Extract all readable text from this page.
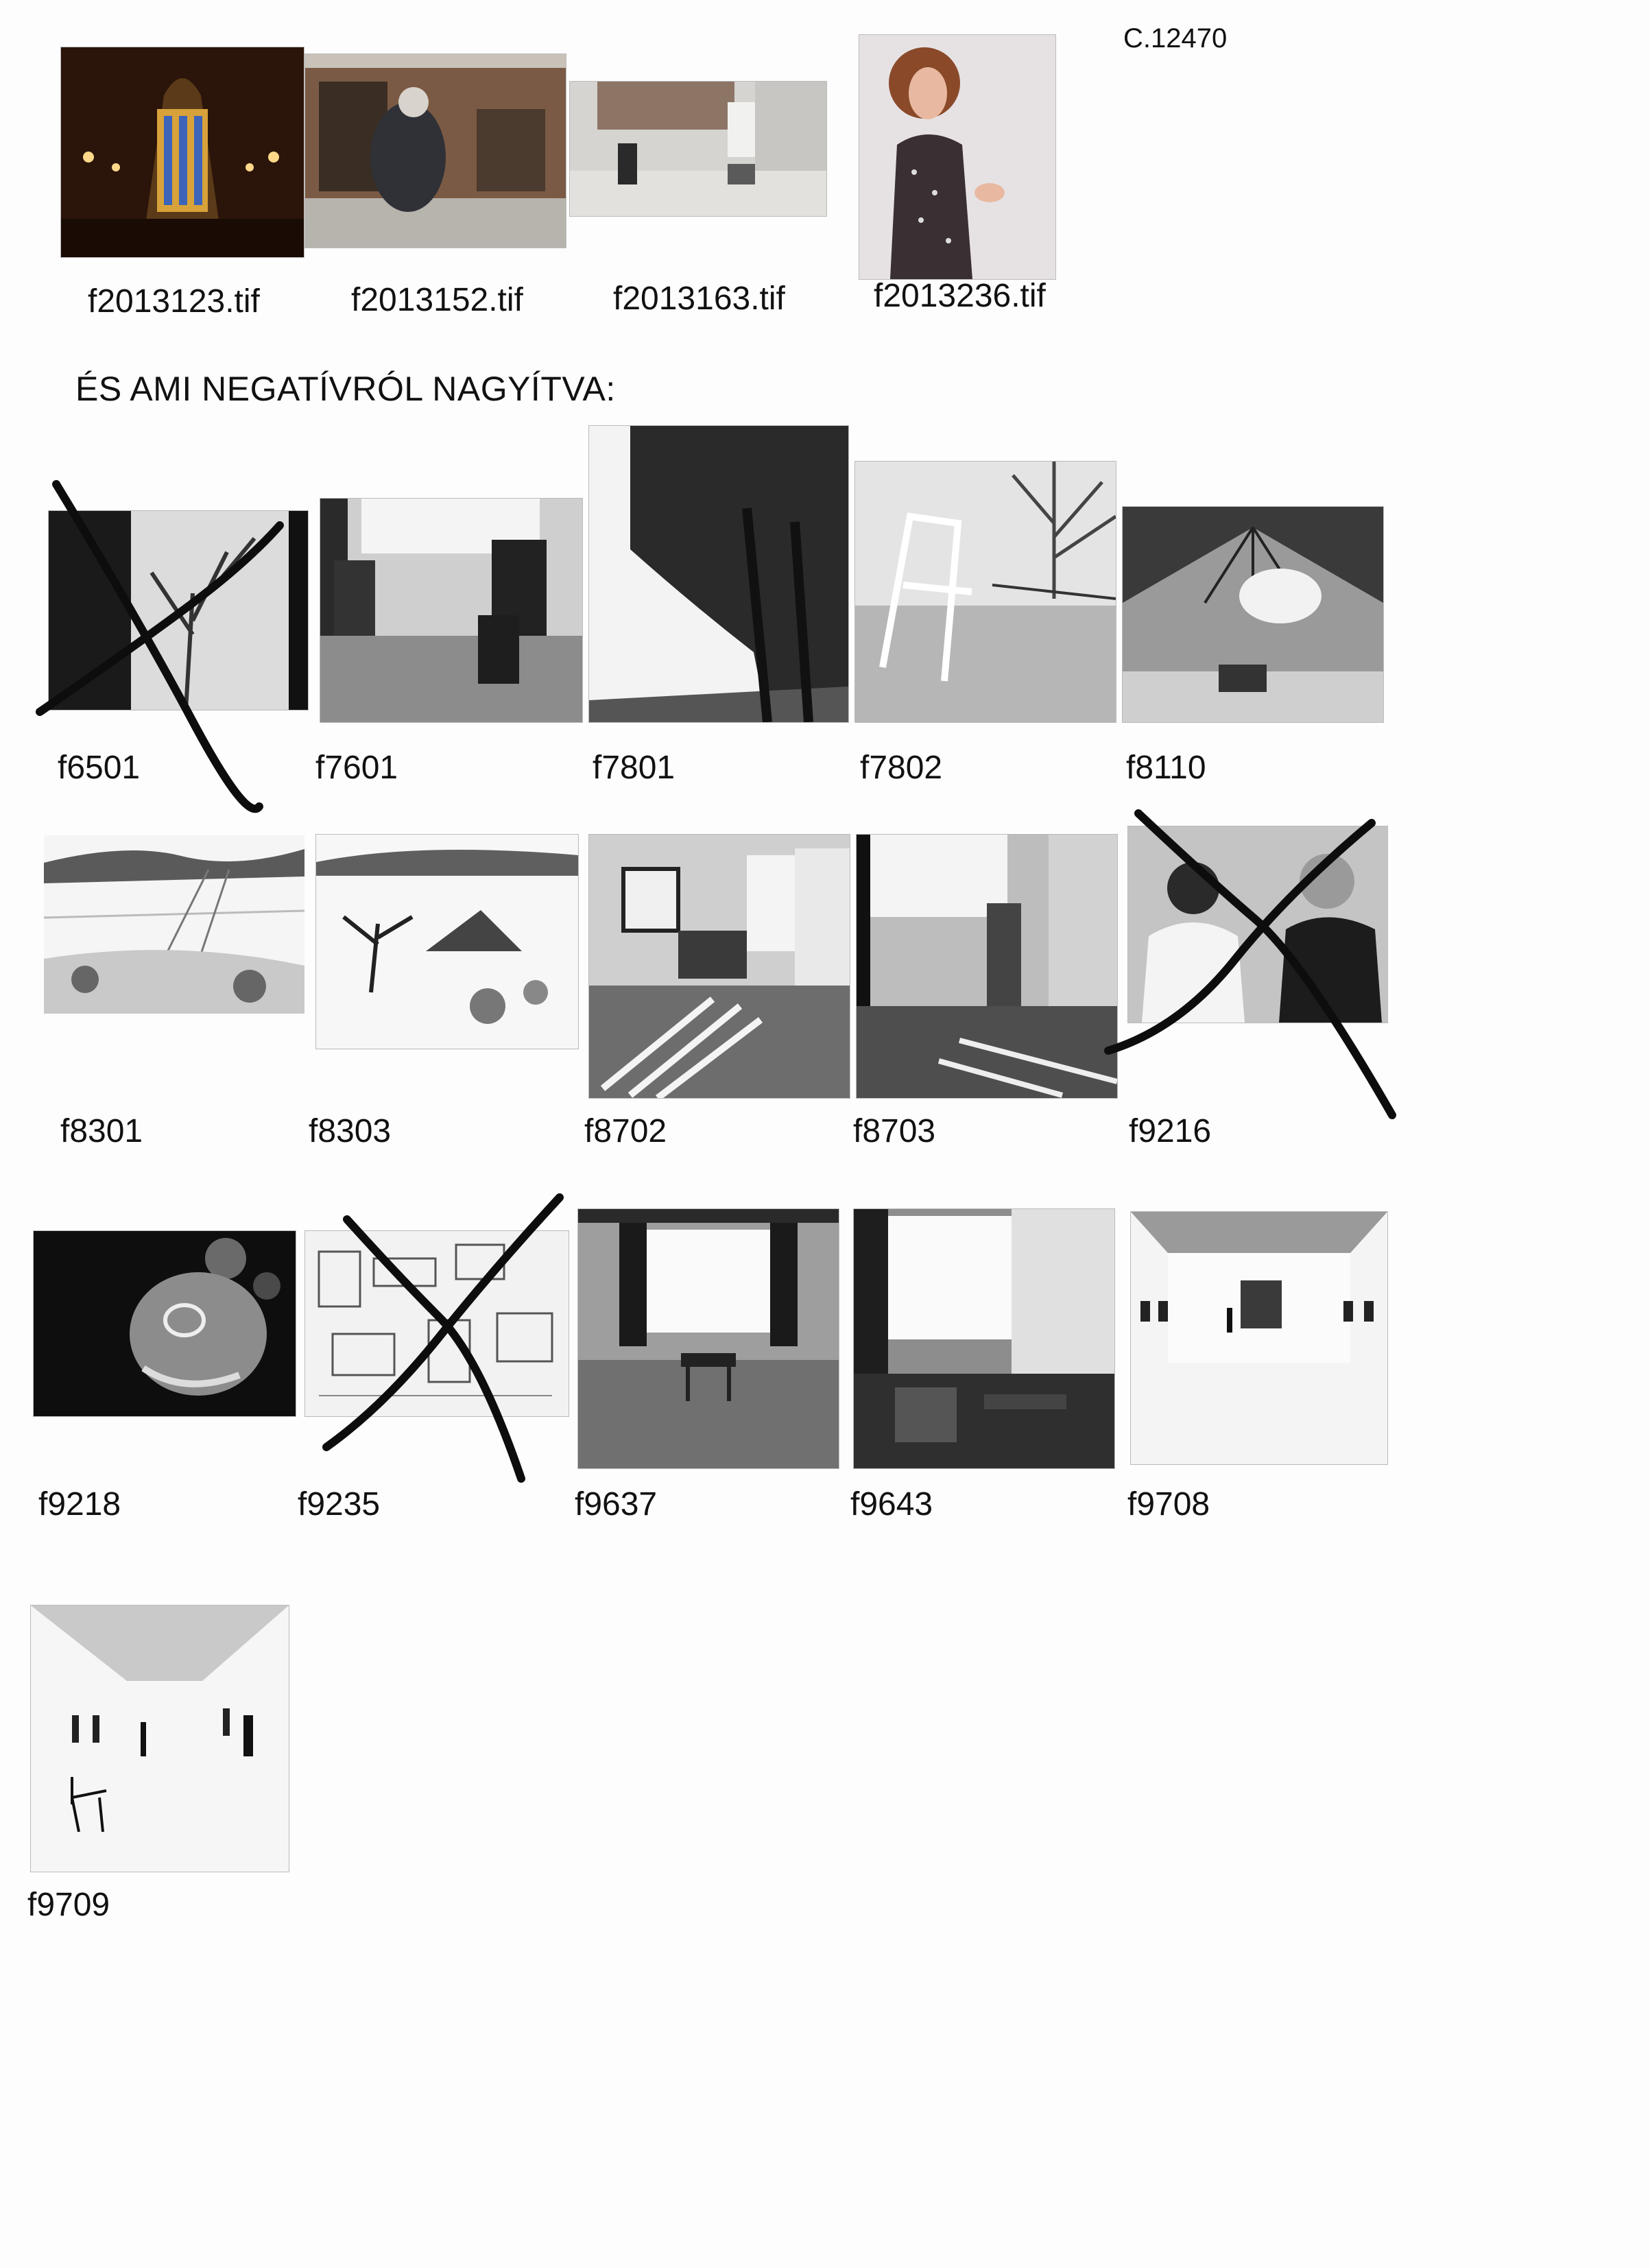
C.12470
f2013123.tif	f2013152.tif	f2013163.tif	f2013236.tif
ÉS AMI NEGATÍVRÓL NAGYÍTVA:
f6501	f7601	f7801	f7802	f8110
f8301	f8303	f8702	f8703	f9216
f9218	f9235	f9637	f9643	f9708
f9709
